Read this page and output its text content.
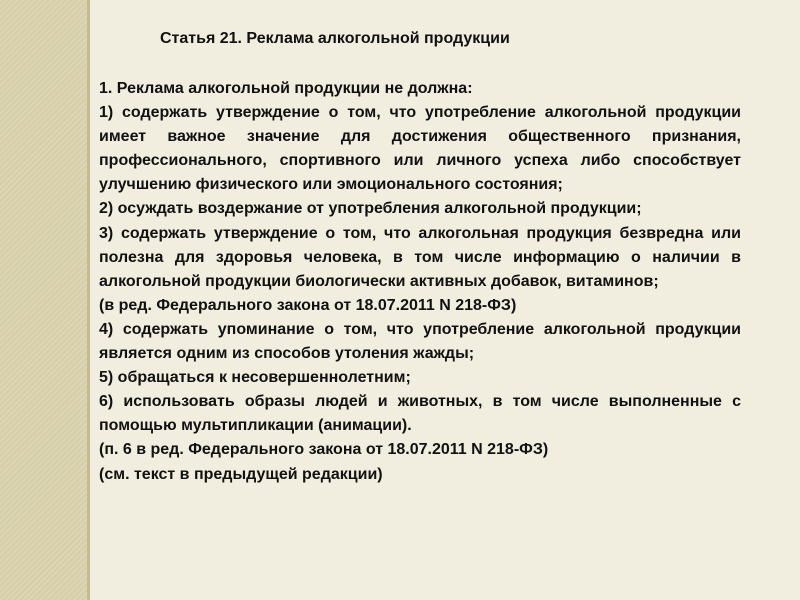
Статья 21. Реклама алкогольной продукции

1. Реклама алкогольной продукции не должна:

1) содержать утверждение о том, что употребление алкогольной продукции имеет важное значение для достижения общественного признания, профессионального, спортивного или личного успеха либо способствует улучшению физического или эмоционального состояния;

2) осуждать воздержание от употребления алкогольной продукции;

3) содержать утверждение о том, что алкогольная продукция безвредна или полезна для здоровья человека, в том числе информацию о наличии в алкогольной продукции биологически активных добавок, витаминов;

(в ред. Федерального закона от 18.07.2011 N 218-ФЗ)

4) содержать упоминание о том, что употребление алкогольной продукции является одним из способов утоления жажды;

5) обращаться к несовершеннолетним;

6) использовать образы людей и животных, в том числе выполненные с помощью мультипликации (анимации).

(п. 6 в ред. Федерального закона от 18.07.2011 N 218-ФЗ)

(см. текст в предыдущей редакции)
